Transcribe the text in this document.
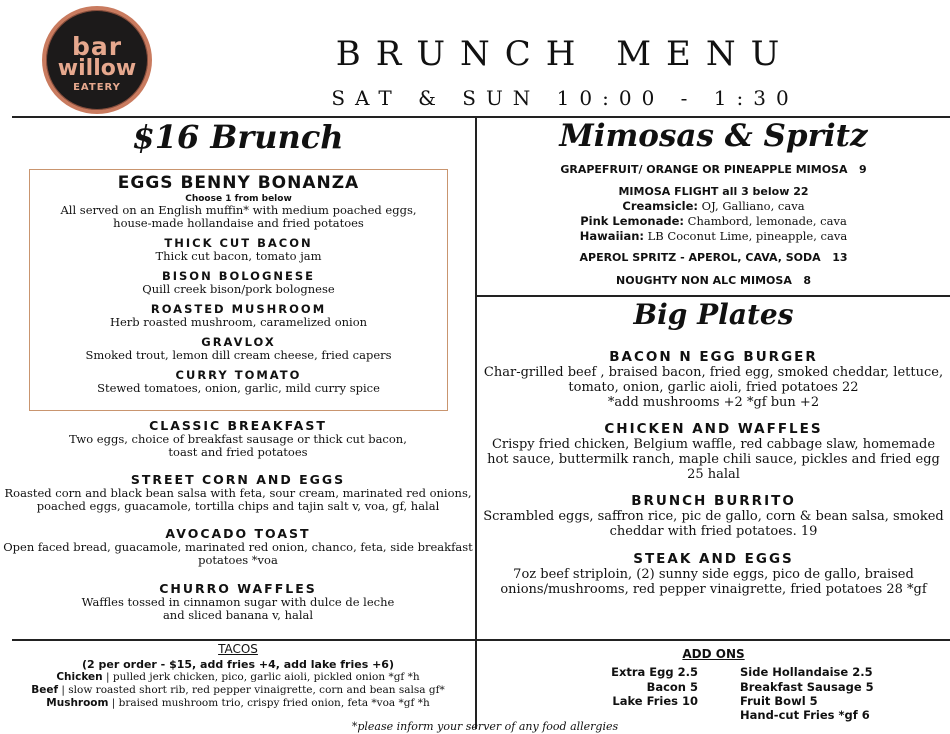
bar
willow
EATERY
BRUNCH MENU
SAT & SUN 10:00 - 1:30
$16 Brunch
EGGS BENNY BONANZA
Choose 1 from below
All served on an English muffin* with medium poached eggs,
house-made hollandaise and fried potatoes
THICK CUT BACON
Thick cut bacon, tomato jam
BISON BOLOGNESE
Quill creek bison/pork bolognese
ROASTED MUSHROOM
Herb roasted mushroom, caramelized onion
GRAVLOX
Smoked trout, lemon dill cream cheese, fried capers
CURRY TOMATO
Stewed tomatoes, onion, garlic, mild curry spice
CLASSIC BREAKFAST
Two eggs, choice of breakfast sausage or thick cut bacon,
toast and fried potatoes
STREET CORN AND EGGS
Roasted corn and black bean salsa with feta, sour cream, marinated red onions,
poached eggs, guacamole, tortilla chips and tajin salt v, voa, gf, halal
AVOCADO TOAST
Open faced bread, guacamole, marinated red onion, chanco, feta, side breakfast
potatoes *voa
CHURRO WAFFLES
Waffles tossed in cinnamon sugar with dulce de leche
and sliced banana v, halal
Mimosas & Spritz
GRAPEFRUIT/ ORANGE OR PINEAPPLE MIMOSA 9
MIMOSA FLIGHT all 3 below 22
Creamsicle: OJ, Galliano, cava
Pink Lemonade: Chambord, lemonade, cava
Hawaiian: LB Coconut Lime, pineapple, cava
APEROL SPRITZ - APEROL, CAVA, SODA 13
NOUGHTY NON ALC MIMOSA 8
Big Plates
BACON N EGG BURGER
Char-grilled beef , braised bacon, fried egg, smoked cheddar, lettuce,
tomato, onion, garlic aioli, fried potatoes 22
*add mushrooms +2 *gf bun +2
CHICKEN AND WAFFLES
Crispy fried chicken, Belgium waffle, red cabbage slaw, homemade
hot sauce, buttermilk ranch, maple chili sauce, pickles and fried egg
25 halal
BRUNCH BURRITO
Scrambled eggs, saffron rice, pic de gallo, corn & bean salsa, smoked
cheddar with fried potatoes. 19
STEAK AND EGGS
7oz beef striploin, (2) sunny side eggs, pico de gallo, braised
onions/mushrooms, red pepper vinaigrette, fried potatoes 28 *gf
TACOS
(2 per order - $15, add fries +4, add lake fries +6)
Chicken | pulled jerk chicken, pico, garlic aioli, pickled onion *gf *h
Beef | slow roasted short rib, red pepper vinaigrette, corn and bean salsa gf*
Mushroom | braised mushroom trio, crispy fried onion, feta *voa *gf *h
ADD ONS
Extra Egg 2.5
Bacon 5
Lake Fries 10
Side Hollandaise 2.5
Breakfast Sausage 5
Fruit Bowl 5
Hand-cut Fries *gf 6
*please inform your server of any food allergies
